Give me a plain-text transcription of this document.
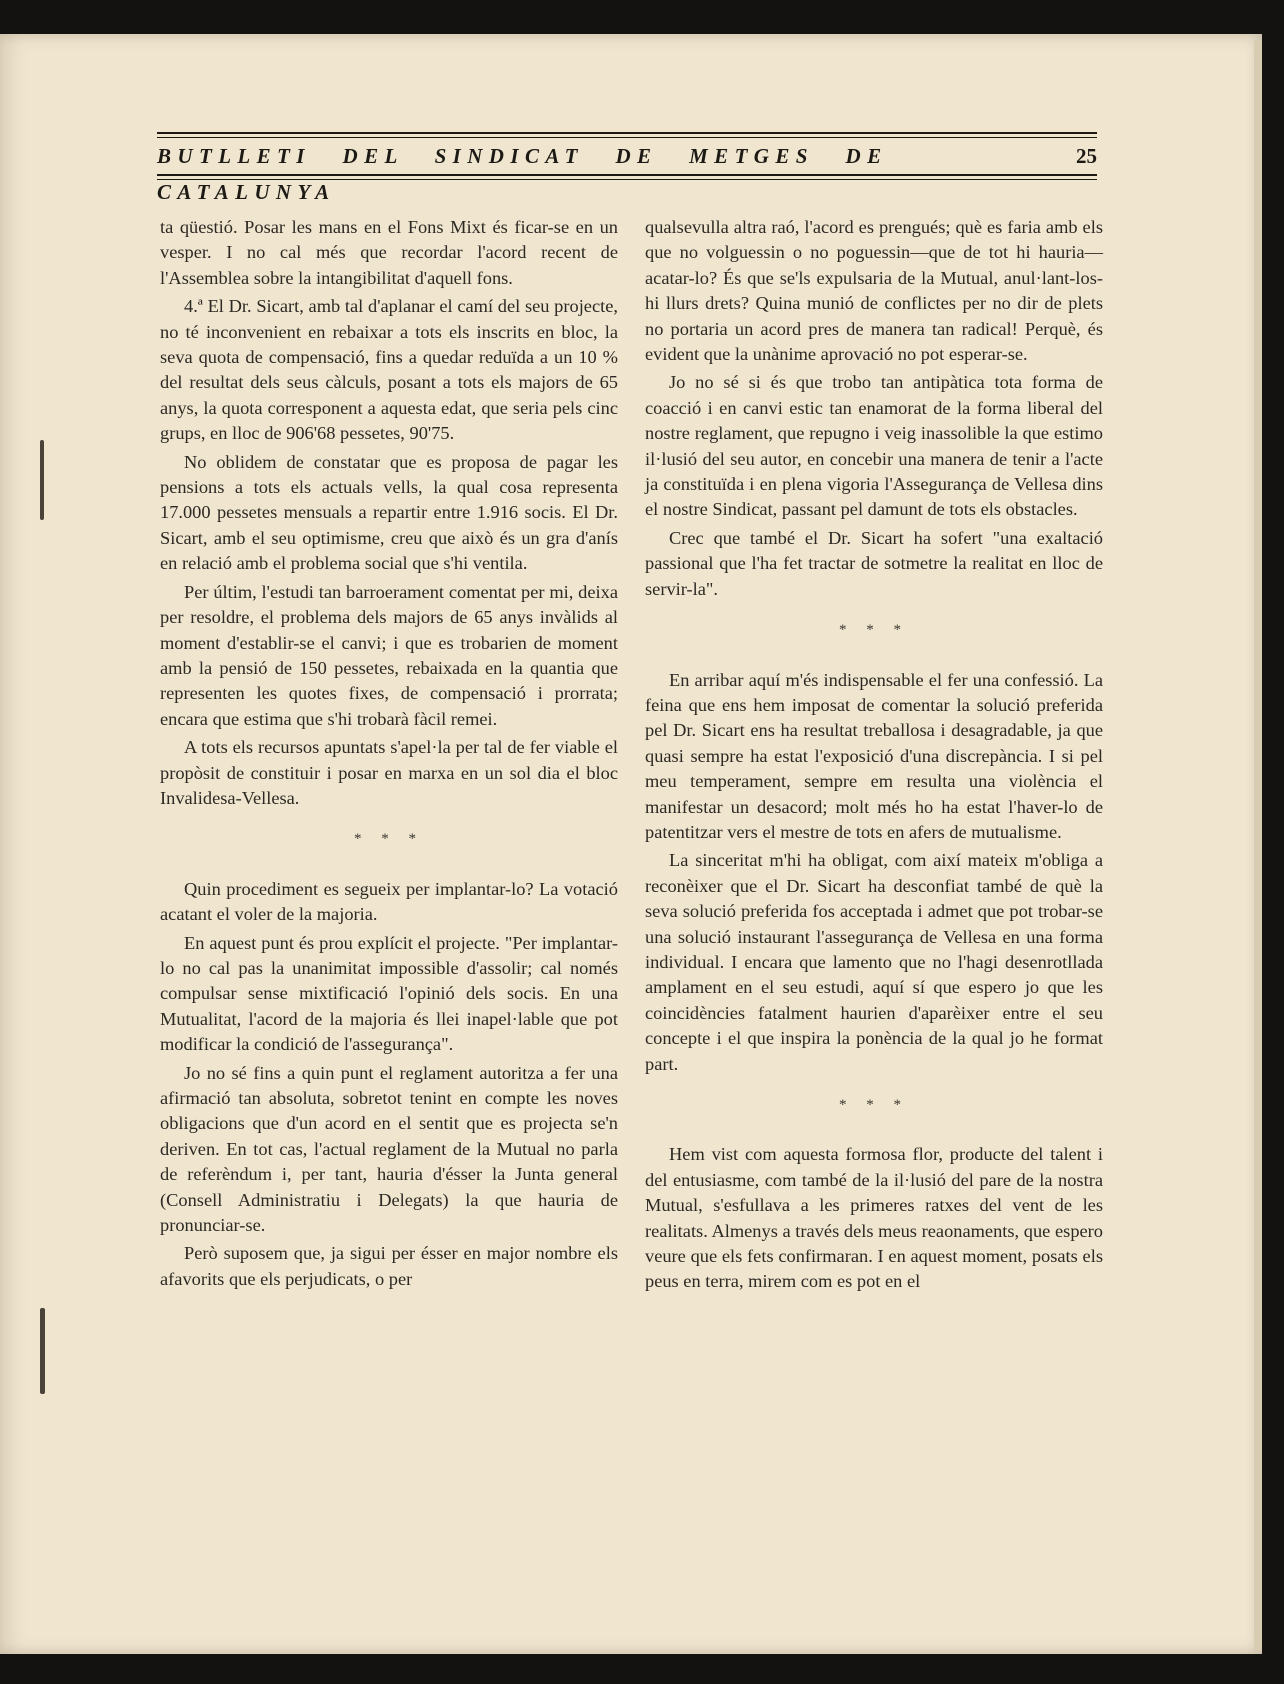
BUTLLETI DEL SINDICAT DE METGES DE CATALUNYA
25

ta qüestió. Posar les mans en el Fons Mixt és ficar-se en un vesper. I no cal més que recordar l'acord recent de l'Assemblea sobre la intangibilitat d'aquell fons.

4.ª El Dr. Sicart, amb tal d'aplanar el camí del seu projecte, no té inconvenient en rebaixar a tots els inscrits en bloc, la seva quota de compensació, fins a quedar reduïda a un 10 % del resultat dels seus càlculs, posant a tots els majors de 65 anys, la quota corresponent a aquesta edat, que seria pels cinc grups, en lloc de 906'68 pessetes, 90'75.

No oblidem de constatar que es proposa de pagar les pensions a tots els actuals vells, la qual cosa representa 17.000 pessetes mensuals a repartir entre 1.916 socis. El Dr. Sicart, amb el seu optimisme, creu que això és un gra d'anís en relació amb el problema social que s'hi ventila.

Per últim, l'estudi tan barroerament comentat per mi, deixa per resoldre, el problema dels majors de 65 anys invàlids al moment d'establir-se el canvi; i que es trobarien de moment amb la pensió de 150 pessetes, rebaixada en la quantia que representen les quotes fixes, de compensació i prorrata; encara que estima que s'hi trobarà fàcil remei.

A tots els recursos apuntats s'apel·la per tal de fer viable el propòsit de constituir i posar en marxa en un sol dia el bloc Invalidesa-Vellesa.

* * *

Quin procediment es segueix per implantar-lo? La votació acatant el voler de la majoria.

En aquest punt és prou explícit el projecte. "Per implantar-lo no cal pas la unanimitat impossible d'assolir; cal només compulsar sense mixtificació l'opinió dels socis. En una Mutualitat, l'acord de la majoria és llei inapel·lable que pot modificar la condició de l'assegurança".

Jo no sé fins a quin punt el reglament autoritza a fer una afirmació tan absoluta, sobretot tenint en compte les noves obligacions que d'un acord en el sentit que es projecta se'n deriven. En tot cas, l'actual reglament de la Mutual no parla de referèndum i, per tant, hauria d'ésser la Junta general (Consell Administratiu i Delegats) la que hauria de pronunciar-se.

Però suposem que, ja sigui per ésser en major nombre els afavorits que els perjudicats, o per

qualsevulla altra raó, l'acord es prengués; què es faria amb els que no volguessin o no poguessin—que de tot hi hauria—acatar-lo? És que se'ls expulsaria de la Mutual, anul·lant-los-hi llurs drets? Quina munió de conflictes per no dir de plets no portaria un acord pres de manera tan radical! Perquè, és evident que la unànime aprovació no pot esperar-se.

Jo no sé si és que trobo tan antipàtica tota forma de coacció i en canvi estic tan enamorat de la forma liberal del nostre reglament, que repugno i veig inassolible la que estimo il·lusió del seu autor, en concebir una manera de tenir a l'acte ja constituïda i en plena vigoria l'Assegurança de Vellesa dins el nostre Sindicat, passant pel damunt de tots els obstacles.

Crec que també el Dr. Sicart ha sofert "una exaltació passional que l'ha fet tractar de sotmetre la realitat en lloc de servir-la".

* * *

En arribar aquí m'és indispensable el fer una confessió. La feina que ens hem imposat de comentar la solució preferida pel Dr. Sicart ens ha resultat treballosa i desagradable, ja que quasi sempre ha estat l'exposició d'una discrepància. I si pel meu temperament, sempre em resulta una violència el manifestar un desacord; molt més ho ha estat l'haver-lo de patentitzar vers el mestre de tots en afers de mutualisme.

La sinceritat m'hi ha obligat, com així mateix m'obliga a reconèixer que el Dr. Sicart ha desconfiat també de què la seva solució preferida fos acceptada i admet que pot trobar-se una solució instaurant l'assegurança de Vellesa en una forma individual. I encara que lamento que no l'hagi desenrotllada amplament en el seu estudi, aquí sí que espero jo que les coincidències fatalment haurien d'aparèixer entre el seu concepte i el que inspira la ponència de la qual jo he format part.

* * *

Hem vist com aquesta formosa flor, producte del talent i del entusiasme, com també de la il·lusió del pare de la nostra Mutual, s'esfullava a les primeres ratxes del vent de les realitats. Almenys a través dels meus reaonaments, que espero veure que els fets confirmaran. I en aquest moment, posats els peus en terra, mirem com es pot en el
